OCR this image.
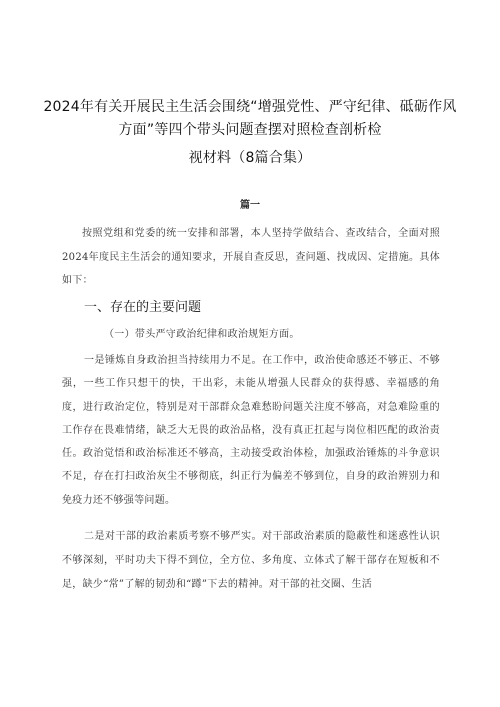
2024年有关开展民主生活会围绕“增强党性、严守纪律、砥砺作风
方面”等四个带头问题查摆对照检查剖析检
视材料（8篇合集）
篇一

按照党组和党委的统一安排和部署，本人坚持学做结合、查改结合，全面对照2024年度民主生活会的通知要求，开展自查反思，查问题、找成因、定措施。具体如下：

一、存在的主要问题

（一）带头严守政治纪律和政治规矩方面。

一是锤炼自身政治担当持续用力不足。在工作中，政治使命感还不够正、不够强，一些工作只想干的快，干出彩，未能从增强人民群众的获得感、幸福感的角度，进行政治定位，特别是对干部群众急难愁盼问题关注度不够高，对急难险重的工作存在畏难情绪，缺乏大无畏的政治品格，没有真正扛起与岗位相匹配的政治责任。政治觉悟和政治标准还不够高，主动接受政治体检，加强政治锤炼的斗争意识不足，存在打扫政治灰尘不够彻底，纠正行为偏差不够到位，自身的政治辨别力和免疫力还不够强等问题。

二是对干部的政治素质考察不够严实。对干部政治素质的隐蔽性和迷惑性认识不够深刻，平时功夫下得不到位，全方位、多角度、立体式了解干部存在短板和不足，缺少“常”了解的韧劲和“蹲”下去的精神。对干部的社交圈、生活
